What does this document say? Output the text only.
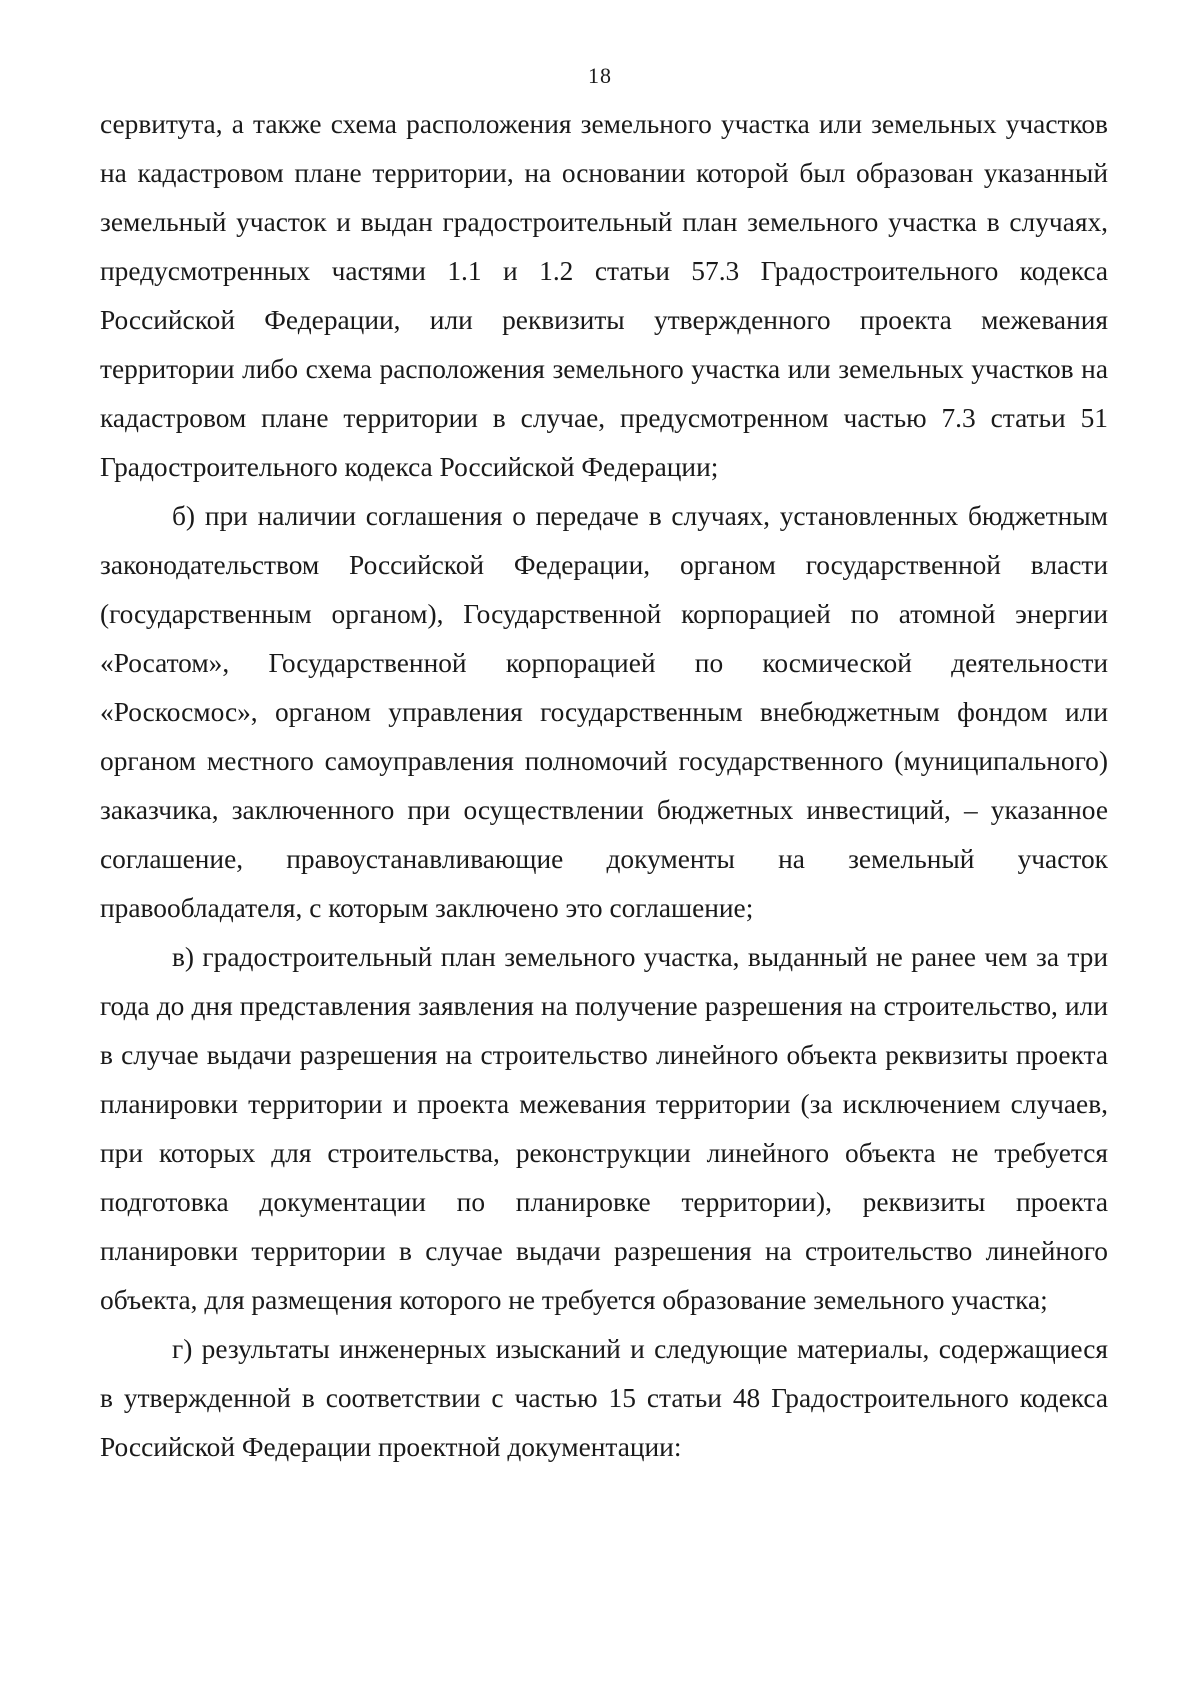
18

сервитута, а также схема расположения земельного участка или земельных участков на кадастровом плане территории, на основании которой был образован указанный земельный участок и выдан градостроительный план земельного участка в случаях, предусмотренных частями 1.1 и 1.2 статьи 57.3 Градостроительного кодекса Российской Федерации, или реквизиты утвержденного проекта межевания территории либо схема расположения земельного участка или земельных участков на кадастровом плане территории в случае, предусмотренном частью 7.3 статьи 51 Градостроительного кодекса Российской Федерации;

б) при наличии соглашения о передаче в случаях, установленных бюджетным законодательством Российской Федерации, органом государственной власти (государственным органом), Государственной корпорацией по атомной энергии «Росатом», Государственной корпорацией по космической деятельности «Роскосмос», органом управления государственным внебюджетным фондом или органом местного самоуправления полномочий государственного (муниципального) заказчика, заключенного при осуществлении бюджетных инвестиций, – указанное соглашение, правоустанавливающие документы на земельный участок правообладателя, с которым заключено это соглашение;

в) градостроительный план земельного участка, выданный не ранее чем за три года до дня представления заявления на получение разрешения на строительство, или в случае выдачи разрешения на строительство линейного объекта реквизиты проекта планировки территории и проекта межевания территории (за исключением случаев, при которых для строительства, реконструкции линейного объекта не требуется подготовка документации по планировке территории), реквизиты проекта планировки территории в случае выдачи разрешения на строительство линейного объекта, для размещения которого не требуется образование земельного участка;

г) результаты инженерных изысканий и следующие материалы, содержащиеся в утвержденной в соответствии с частью 15 статьи 48 Градостроительного кодекса Российской Федерации проектной документации:
